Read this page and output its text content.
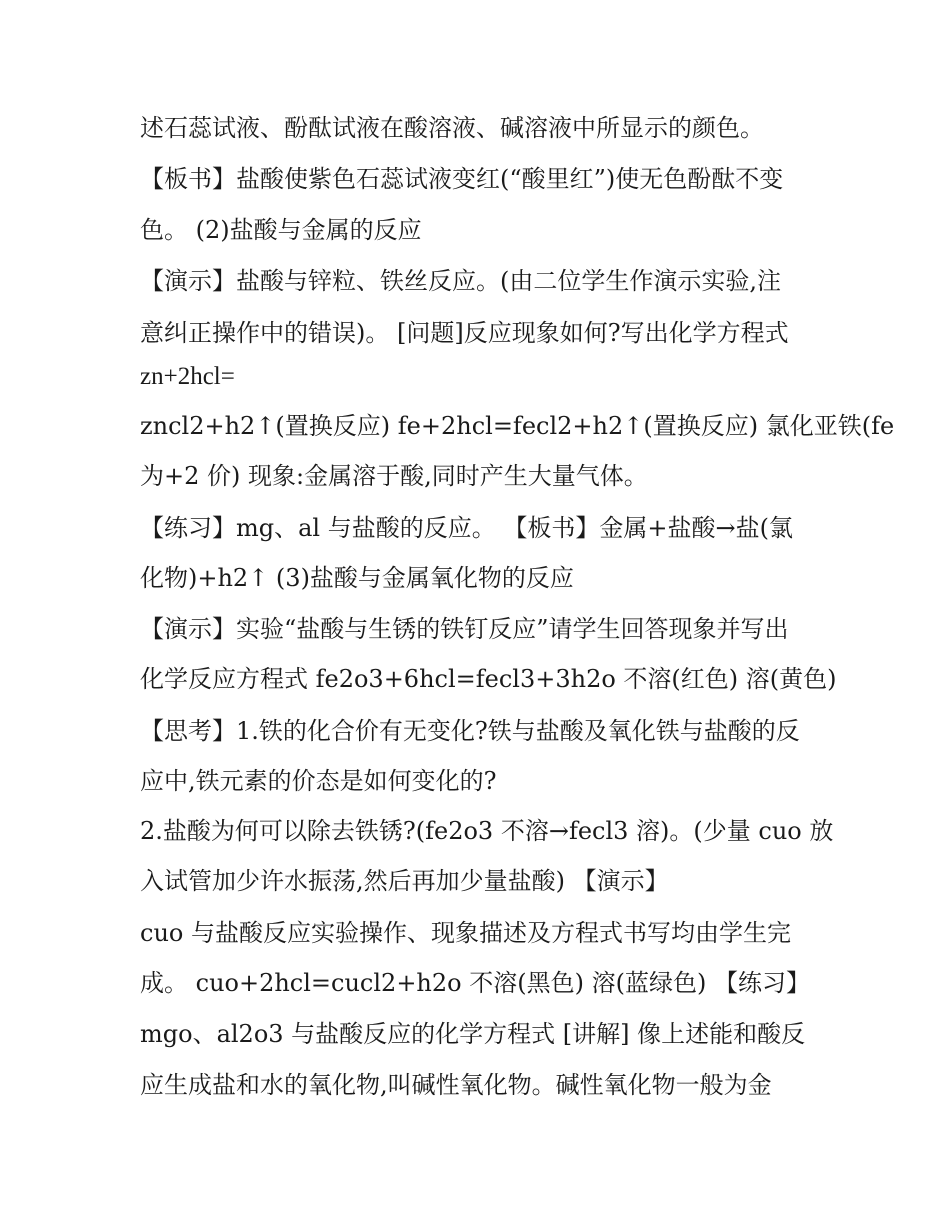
述石蕊试液、酚酞试液在酸溶液、碱溶液中所显示的颜色。
【板书】盐酸使紫色石蕊试液变红(“酸里红”)使无色酚酞不变
色。 (2)盐酸与金属的反应
【演示】盐酸与锌粒、铁丝反应。(由二位学生作演示实验,注
意纠正操作中的错误)。 [问题]反应现象如何?写出化学方程式
zn+2hcl=
zncl2+h2↑(置换反应) fe+2hcl=fecl2+h2↑(置换反应) 氯化亚铁(fe
为+2 价) 现象:金属溶于酸,同时产生大量气体。
【练习】mg、al 与盐酸的反应。 【板书】金属+盐酸→盐(氯
化物)+h2↑ (3)盐酸与金属氧化物的反应
【演示】实验“盐酸与生锈的铁钉反应”请学生回答现象并写出
化学反应方程式 fe2o3+6hcl=fecl3+3h2o 不溶(红色) 溶(黄色)
【思考】1.铁的化合价有无变化?铁与盐酸及氧化铁与盐酸的反
应中,铁元素的价态是如何变化的?
2.盐酸为何可以除去铁锈?(fe2o3 不溶→fecl3 溶)。(少量 cuo 放
入试管加少许水振荡,然后再加少量盐酸) 【演示】
cuo 与盐酸反应实验操作、现象描述及方程式书写均由学生完
成。 cuo+2hcl=cucl2+h2o 不溶(黑色) 溶(蓝绿色) 【练习】
mgo、al2o3 与盐酸反应的化学方程式 [讲解] 像上述能和酸反
应生成盐和水的氧化物,叫碱性氧化物。碱性氧化物一般为金
